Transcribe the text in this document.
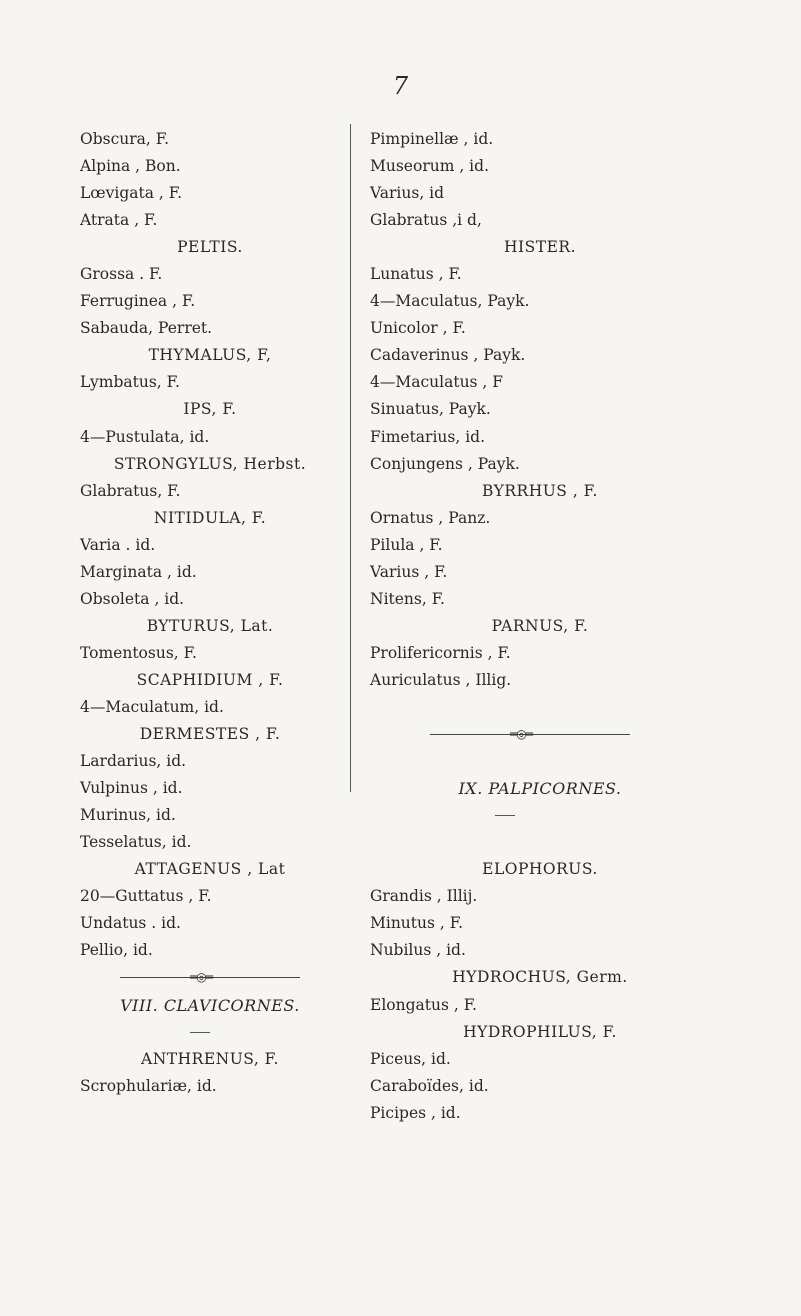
7
Obscura, F.
Alpina , Bon.
Lœvigata , F.
Atrata , F.
PELTIS.
Grossa . F.
Ferruginea , F.
Sabauda, Perret.
THYMALUS, F,
Lymbatus, F.
IPS, F.
4—Pustulata, id.
STRONGYLUS, Herbst.
Glabratus, F.
NITIDULA, F.
Varia . id.
Marginata , id.
Obsoleta , id.
BYTURUS, Lat.
Tomentosus, F.
SCAPHIDIUM , F.
4—Maculatum, id.
DERMESTES , F.
Lardarius, id.
Vulpinus , id.
Murinus, id.
Tesselatus, id.
ATTAGENUS , Lat
20—Guttatus , F.
Undatus . id.
Pellio, id.
═◎═
VIII. CLAVICORNES.
ANTHRENUS, F.
Scrophulariæ, id.
Pimpinellæ , id.
Museorum , id.
Varius, id
Glabratus ,i d,
HISTER.
Lunatus , F.
4—Maculatus, Payk.
Unicolor , F.
Cadaverinus , Payk.
4—Maculatus , F
Sinuatus, Payk.
Fimetarius, id.
Conjungens , Payk.
BYRRHUS , F.
Ornatus , Panz.
Pilula , F.
Varius , F.
Nitens, F.
PARNUS, F.
Prolifericornis , F.
Auriculatus , Illig.
═◎═
IX. PALPICORNES.
ELOPHORUS.
Grandis , Illij.
Minutus , F.
Nubilus , id.
HYDROCHUS, Germ.
Elongatus , F.
HYDROPHILUS, F.
Piceus, id.
Caraboïdes, id.
Picipes , id.
